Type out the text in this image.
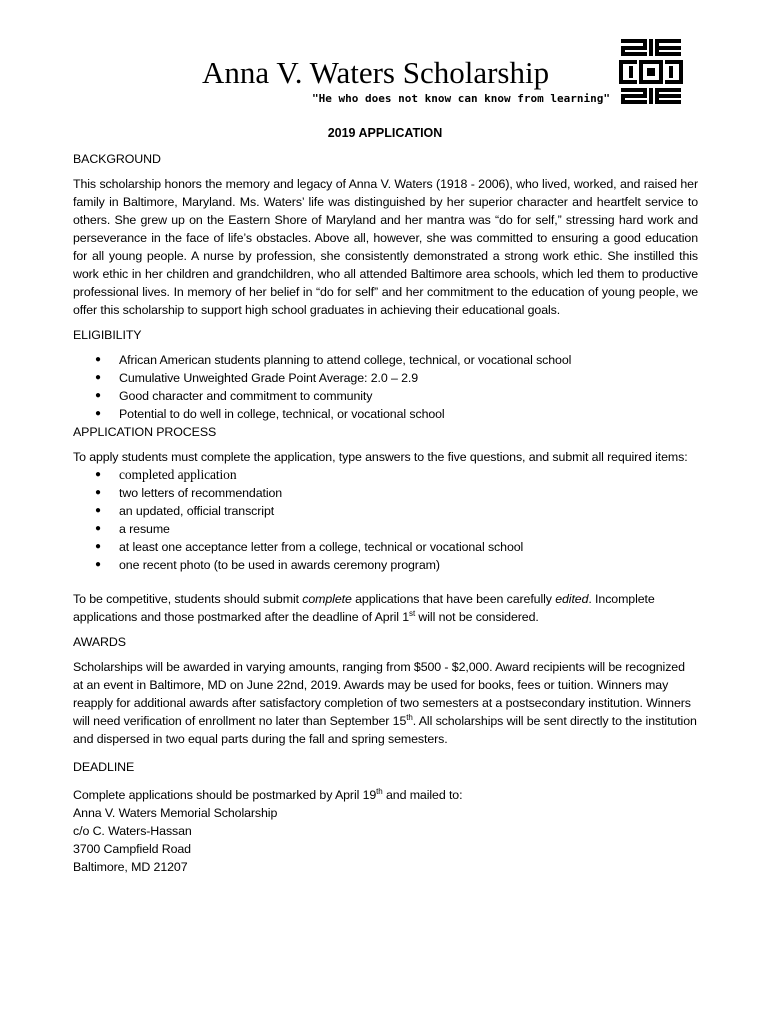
Anna V. Waters Scholarship
"He who does not know can know from learning"
2019 APPLICATION
BACKGROUND

This scholarship honors the memory and legacy of Anna V. Waters (1918 - 2006), who lived, worked, and raised her family in Baltimore, Maryland. Ms. Waters’ life was distinguished by her superior character and heartfelt service to others. She grew up on the Eastern Shore of Maryland and her mantra was “do for self,” stressing hard work and perseverance in the face of life’s obstacles. Above all, however, she was committed to ensuring a good education for all young people. A nurse by profession, she consistently demonstrated a strong work ethic. She instilled this work ethic in her children and grandchildren, who all attended Baltimore area schools, which led them to productive professional lives. In memory of her belief in “do for self” and her commitment to the education of young people, we offer this scholarship to support high school graduates in achieving their educational goals.

ELIGIBILITY
● African American students planning to attend college, technical, or vocational school
● Cumulative Unweighted Grade Point Average: 2.0 – 2.9
● Good character and commitment to community
● Potential to do well in college, technical, or vocational school
APPLICATION PROCESS

To apply students must complete the application, type answers to the five questions, and submit all required items:

● completed application
● two letters of recommendation
● an updated, official transcript
● a resume
● at least one acceptance letter from a college, technical or vocational school
● one recent photo (to be used in awards ceremony program)

To be competitive, students should submit complete applications that have been carefully edited. Incomplete applications and those postmarked after the deadline of April 1st will not be considered.

AWARDS

Scholarships will be awarded in varying amounts, ranging from $500 - $2,000. Award recipients will be recognized at an event in Baltimore, MD on June 22nd, 2019. Awards may be used for books, fees or tuition. Winners may reapply for additional awards after satisfactory completion of two semesters at a postsecondary institution. Winners will need verification of enrollment no later than September 15th. All scholarships will be sent directly to the institution and dispersed in two equal parts during the fall and spring semesters.

DEADLINE

Complete applications should be postmarked by April 19th and mailed to:

Anna V. Waters Memorial Scholarship

c/o C. Waters-Hassan

3700 Campfield Road

Baltimore, MD 21207
